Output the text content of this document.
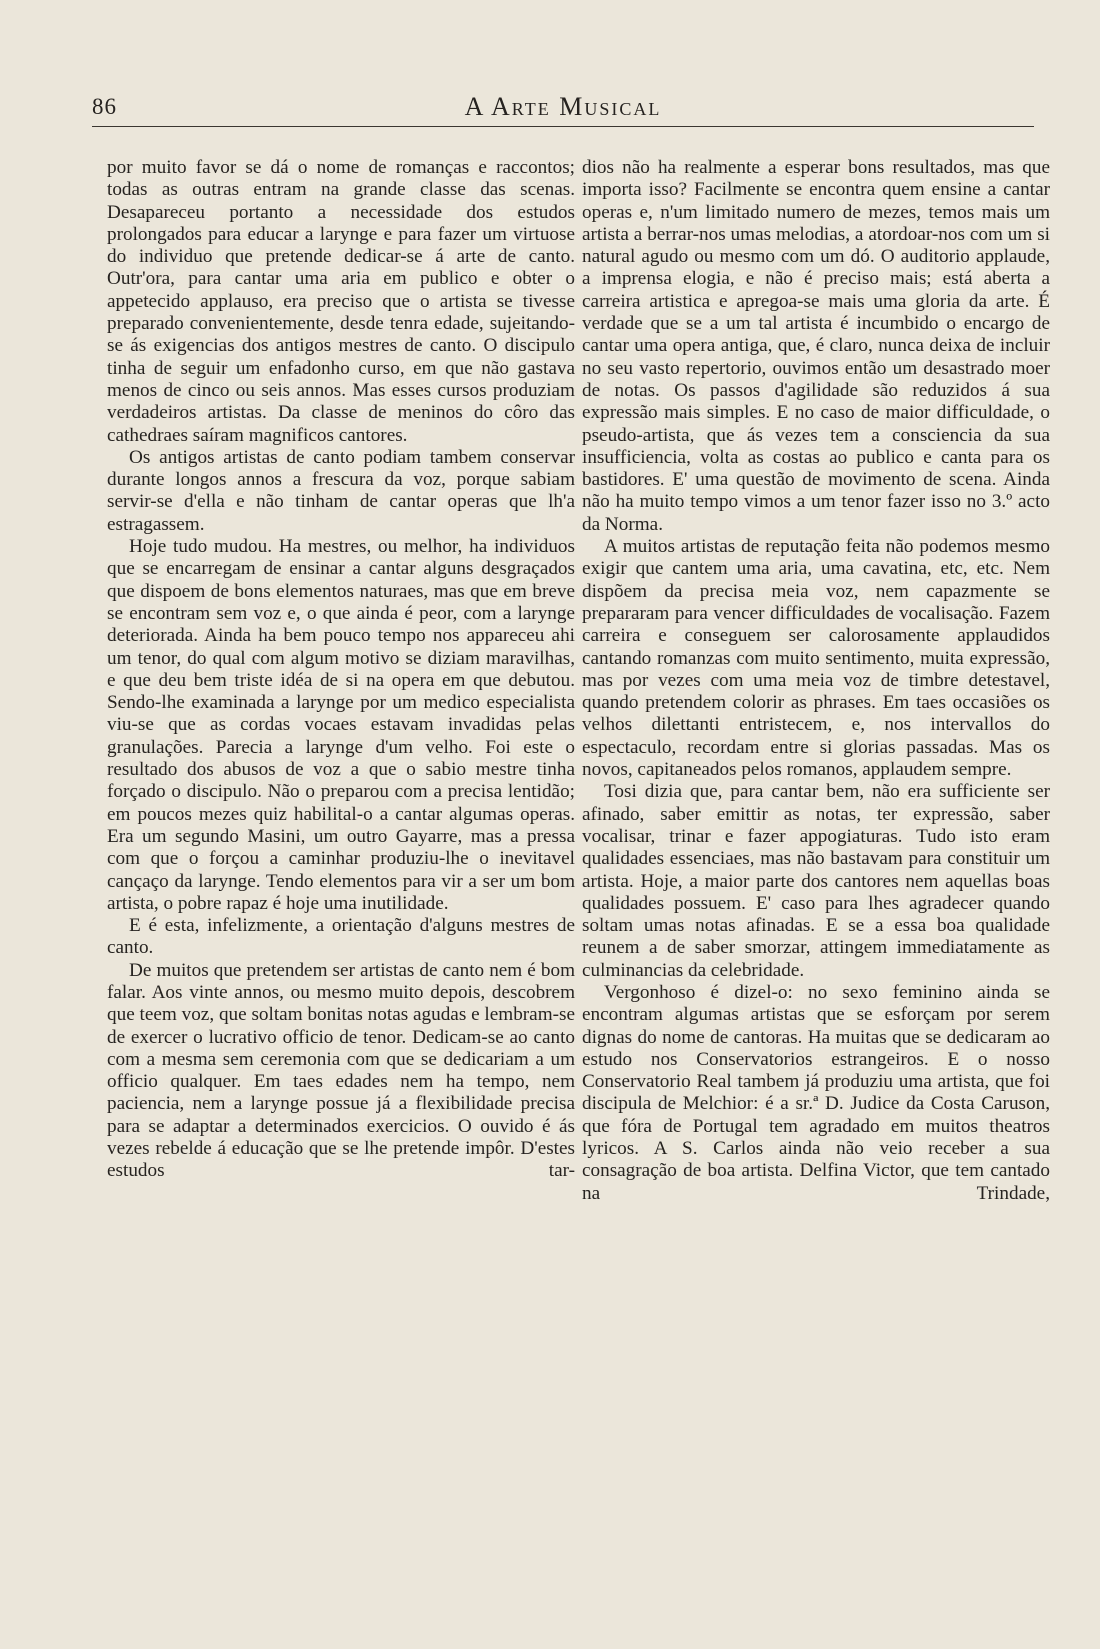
86	A Arte Musical

por muito favor se dá o nome de romanças e raccontos; todas as outras entram na grande classe das scenas. Desapareceu portanto a necessidade dos estudos prolongados para educar a larynge e para fazer um virtuose do individuo que pretende dedicar-se á arte de canto. Outr'ora, para cantar uma aria em publico e obter o appetecido applauso, era preciso que o artista se tivesse preparado convenientemente, desde tenra edade, sujeitando-se ás exigencias dos antigos mestres de canto. O discipulo tinha de seguir um enfadonho curso, em que não gastava menos de cinco ou seis annos. Mas esses cursos produziam verdadeiros artistas. Da classe de meninos do côro das cathedraes saíram magnificos cantores.

Os antigos artistas de canto podiam tambem conservar durante longos annos a frescura da voz, porque sabiam servir-se d'ella e não tinham de cantar operas que lh'a estragassem.

Hoje tudo mudou. Ha mestres, ou melhor, ha individuos que se encarregam de ensinar a cantar alguns desgraçados que dispoem de bons elementos naturaes, mas que em breve se encontram sem voz e, o que ainda é peor, com a larynge deteriorada. Ainda ha bem pouco tempo nos appareceu ahi um tenor, do qual com algum motivo se diziam maravilhas, e que deu bem triste idéa de si na opera em que debutou. Sendo-lhe examinada a larynge por um medico especialista viu-se que as cordas vocaes estavam invadidas pelas granulações. Parecia a larynge d'um velho. Foi este o resultado dos abusos de voz a que o sabio mestre tinha forçado o discipulo. Não o preparou com a precisa lentidão; em poucos mezes quiz habilital-o a cantar algumas operas. Era um segundo Masini, um outro Gayarre, mas a pressa com que o forçou a caminhar produziu-lhe o inevitavel cançaço da larynge. Tendo elementos para vir a ser um bom artista, o pobre rapaz é hoje uma inutilidade.

E é esta, infelizmente, a orientação d'alguns mestres de canto.

De muitos que pretendem ser artistas de canto nem é bom falar. Aos vinte annos, ou mesmo muito depois, descobrem que teem voz, que soltam bonitas notas agudas e lembram-se de exercer o lucrativo officio de tenor. Dedicam-se ao canto com a mesma sem ceremonia com que se dedicariam a um officio qualquer. Em taes edades nem ha tempo, nem paciencia, nem a larynge possue já a flexibilidade precisa para se adaptar a determinados exercicios. O ouvido é ás vezes rebelde á educação que se lhe pretende impôr. D'estes estudos tar-

dios não ha realmente a esperar bons resultados, mas que importa isso? Facilmente se encontra quem ensine a cantar operas e, n'um limitado numero de mezes, temos mais um artista a berrar-nos umas melodias, a atordoar-nos com um si natural agudo ou mesmo com um dó. O auditorio applaude, a imprensa elogia, e não é preciso mais; está aberta a carreira artistica e apregoa-se mais uma gloria da arte. É verdade que se a um tal artista é incumbido o encargo de cantar uma opera antiga, que, é claro, nunca deixa de incluir no seu vasto repertorio, ouvimos então um desastrado moer de notas. Os passos d'agilidade são reduzidos á sua expressão mais simples. E no caso de maior difficuldade, o pseudo-artista, que ás vezes tem a consciencia da sua insufficiencia, volta as costas ao publico e canta para os bastidores. E' uma questão de movimento de scena. Ainda não ha muito tempo vimos a um tenor fazer isso no 3.º acto da Norma.

A muitos artistas de reputação feita não podemos mesmo exigir que cantem uma aria, uma cavatina, etc, etc. Nem dispõem da precisa meia voz, nem capazmente se prepararam para vencer difficuldades de vocalisação. Fazem carreira e conseguem ser calorosamente applaudidos cantando romanzas com muito sentimento, muita expressão, mas por vezes com uma meia voz de timbre detestavel, quando pretendem colorir as phrases. Em taes occasiões os velhos dilettanti entristecem, e, nos intervallos do espectaculo, recordam entre si glorias passadas. Mas os novos, capitaneados pelos romanos, applaudem sempre.

Tosi dizia que, para cantar bem, não era sufficiente ser afinado, saber emittir as notas, ter expressão, saber vocalisar, trinar e fazer appogiaturas. Tudo isto eram qualidades essenciaes, mas não bastavam para constituir um artista. Hoje, a maior parte dos cantores nem aquellas boas qualidades possuem. E' caso para lhes agradecer quando soltam umas notas afinadas. E se a essa boa qualidade reunem a de saber smorzar, attingem immediatamente as culminancias da celebridade.

Vergonhoso é dizel-o: no sexo feminino ainda se encontram algumas artistas que se esforçam por serem dignas do nome de cantoras. Ha muitas que se dedicaram ao estudo nos Conservatorios estrangeiros. E o nosso Conservatorio Real tambem já produziu uma artista, que foi discipula de Melchior: é a sr.ª D. Judice da Costa Caruson, que fóra de Portugal tem agradado em muitos theatros lyricos. A S. Carlos ainda não veio receber a sua consagração de boa artista. Delfina Victor, que tem cantado na Trindade,
